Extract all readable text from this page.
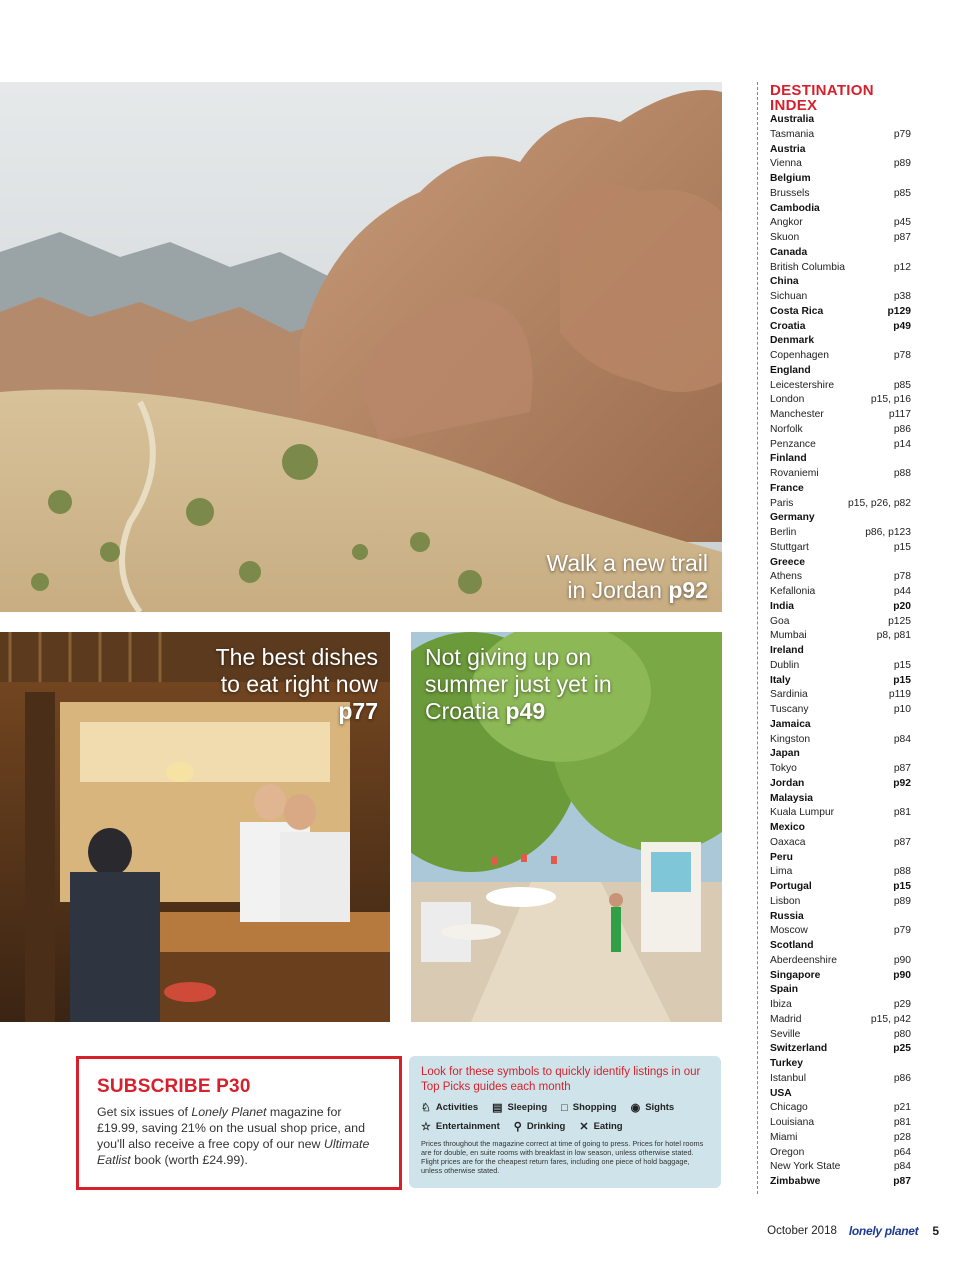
Walk a new trail
in Jordan p92
The best dishes
to eat right now
p77
Not giving up on
summer just yet in
Croatia p49
SUBSCRIBE P30

Get six issues of Lonely Planet magazine for £19.99, saving 21% on the usual shop price, and you'll also receive a free copy of our new Ultimate Eatlist book (worth £24.99).

Look for these symbols to quickly identify listings in our Top Picks guides each month

♘ Activities ▤ Sleeping □ Shopping ◉ Sights
☆ Entertainment ⚲ Drinking ✕ Eating

Prices throughout the magazine correct at time of going to press. Prices for hotel rooms are for double, en suite rooms with breakfast in low season, unless otherwise stated. Flight prices are for the cheapest return fares, including one piece of hold baggage, unless otherwise stated.

DESTINATION
INDEX
Australia
Tasmania	p79
Austria
Vienna	p89
Belgium
Brussels	p85
Cambodia
Angkor	p45
Skuon	p87
Canada
British Columbia	p12
China
Sichuan	p38
Costa Rica	p129
Croatia	p49
Denmark
Copenhagen	p78
England
Leicestershire	p85
London	p15, p16
Manchester	p117
Norfolk	p86
Penzance	p14
Finland
Rovaniemi	p88
France
Paris	p15, p26, p82
Germany
Berlin	p86, p123
Stuttgart	p15
Greece
Athens	p78
Kefallonia	p44
India	p20
Goa	p125
Mumbai	p8, p81
Ireland
Dublin	p15
Italy	p15
Sardinia	p119
Tuscany	p10
Jamaica
Kingston	p84
Japan
Tokyo	p87
Jordan	p92
Malaysia
Kuala Lumpur	p81
Mexico
Oaxaca	p87
Peru
Lima	p88
Portugal	p15
Lisbon	p89
Russia
Moscow	p79
Scotland
Aberdeenshire	p90
Singapore	p90
Spain
Ibiza	p29
Madrid	p15, p42
Seville	p80
Switzerland	p25
Turkey
Istanbul	p86
USA
Chicago	p21
Louisiana	p81
Miami	p28
Oregon	p64
New York State	p84
Zimbabwe	p87
October 2018 lonely planet 5
